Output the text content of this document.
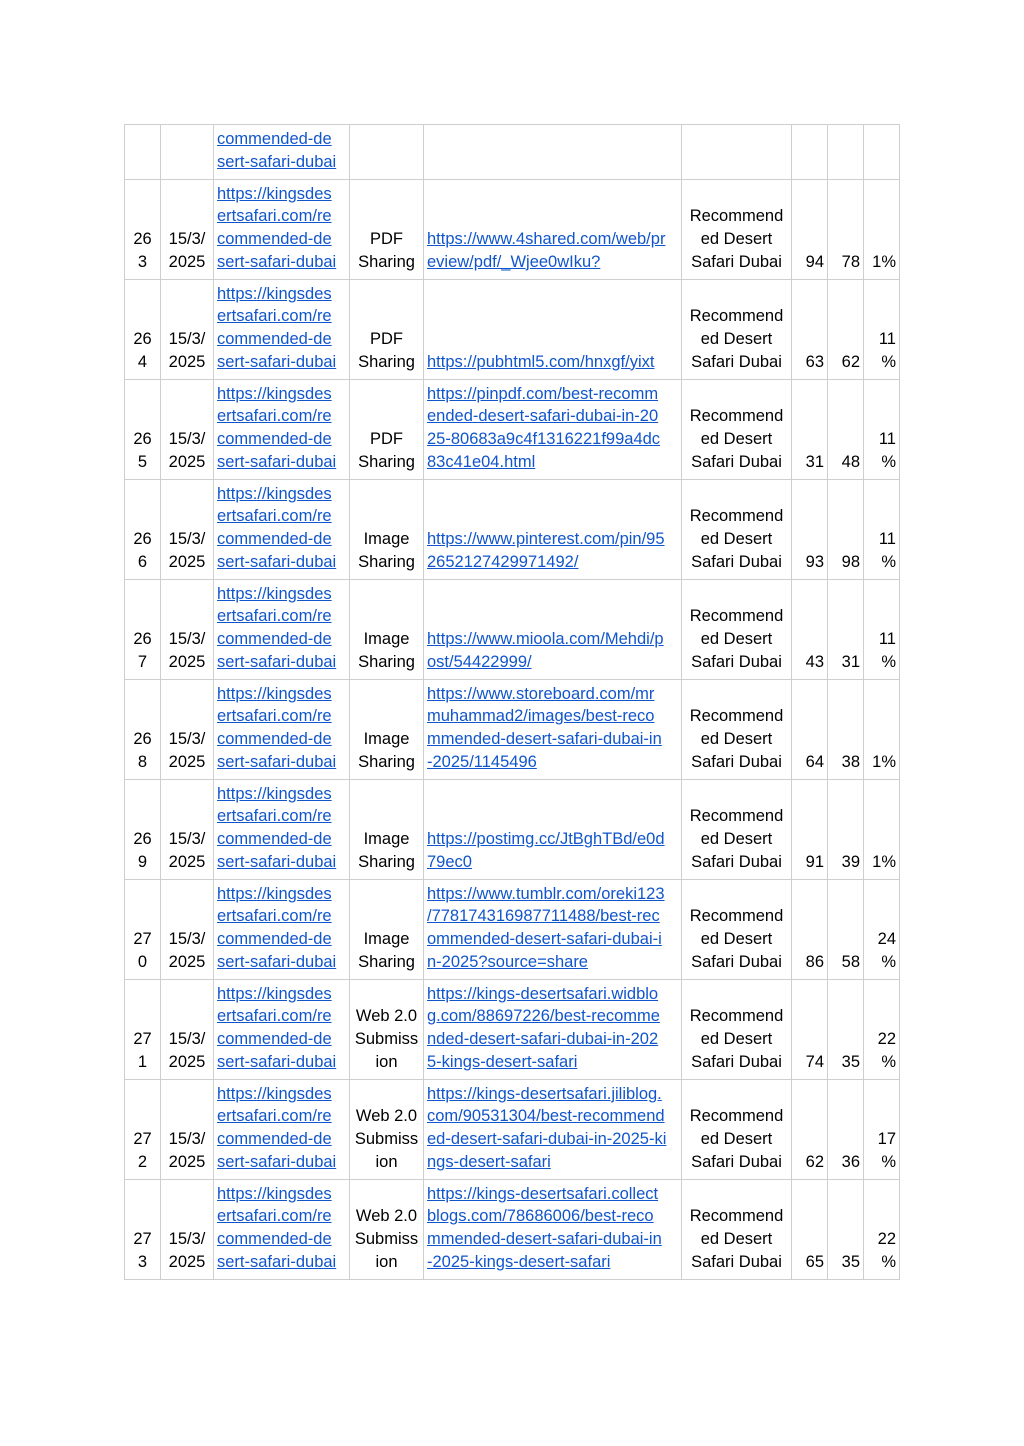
		commended-de
sert-safari-dubai						
26
3	15/3/
2025	https://kingsdes
ertsafari.com/re
commended-de
sert-safari-dubai	PDF
Sharing	https://www.4shared.com/web/pr
eview/pdf/_Wjee0wIku?	Recommend
ed Desert
Safari Dubai	94	78	1%
26
4	15/3/
2025	https://kingsdes
ertsafari.com/re
commended-de
sert-safari-dubai	PDF
Sharing	https://pubhtml5.com/hnxgf/yixt	Recommend
ed Desert
Safari Dubai	63	62	11
%
26
5	15/3/
2025	https://kingsdes
ertsafari.com/re
commended-de
sert-safari-dubai	PDF
Sharing	https://pinpdf.com/best-recomm
ended-desert-safari-dubai-in-20
25-80683a9c4f1316221f99a4dc
83c41e04.html	Recommend
ed Desert
Safari Dubai	31	48	11
%
26
6	15/3/
2025	https://kingsdes
ertsafari.com/re
commended-de
sert-safari-dubai	Image
Sharing	https://www.pinterest.com/pin/95
2652127429971492/	Recommend
ed Desert
Safari Dubai	93	98	11
%
26
7	15/3/
2025	https://kingsdes
ertsafari.com/re
commended-de
sert-safari-dubai	Image
Sharing	https://www.mioola.com/Mehdi/p
ost/54422999/	Recommend
ed Desert
Safari Dubai	43	31	11
%
26
8	15/3/
2025	https://kingsdes
ertsafari.com/re
commended-de
sert-safari-dubai	Image
Sharing	https://www.storeboard.com/mr
muhammad2/images/best-reco
mmended-desert-safari-dubai-in
-2025/1145496	Recommend
ed Desert
Safari Dubai	64	38	1%
26
9	15/3/
2025	https://kingsdes
ertsafari.com/re
commended-de
sert-safari-dubai	Image
Sharing	https://postimg.cc/JtBghTBd/e0d
79ec0	Recommend
ed Desert
Safari Dubai	91	39	1%
27
0	15/3/
2025	https://kingsdes
ertsafari.com/re
commended-de
sert-safari-dubai	Image
Sharing	https://www.tumblr.com/oreki123
/778174316987711488/best-rec
ommended-desert-safari-dubai-i
n-2025?source=share	Recommend
ed Desert
Safari Dubai	86	58	24
%
27
1	15/3/
2025	https://kingsdes
ertsafari.com/re
commended-de
sert-safari-dubai	Web 2.0
Submiss
ion	https://kings-desertsafari.widblo
g.com/88697226/best-recomme
nded-desert-safari-dubai-in-202
5-kings-desert-safari	Recommend
ed Desert
Safari Dubai	74	35	22
%
27
2	15/3/
2025	https://kingsdes
ertsafari.com/re
commended-de
sert-safari-dubai	Web 2.0
Submiss
ion	https://kings-desertsafari.jiliblog.
com/90531304/best-recommend
ed-desert-safari-dubai-in-2025-ki
ngs-desert-safari	Recommend
ed Desert
Safari Dubai	62	36	17
%
27
3	15/3/
2025	https://kingsdes
ertsafari.com/re
commended-de
sert-safari-dubai	Web 2.0
Submiss
ion	https://kings-desertsafari.collect
blogs.com/78686006/best-reco
mmended-desert-safari-dubai-in
-2025-kings-desert-safari	Recommend
ed Desert
Safari Dubai	65	35	22
%
